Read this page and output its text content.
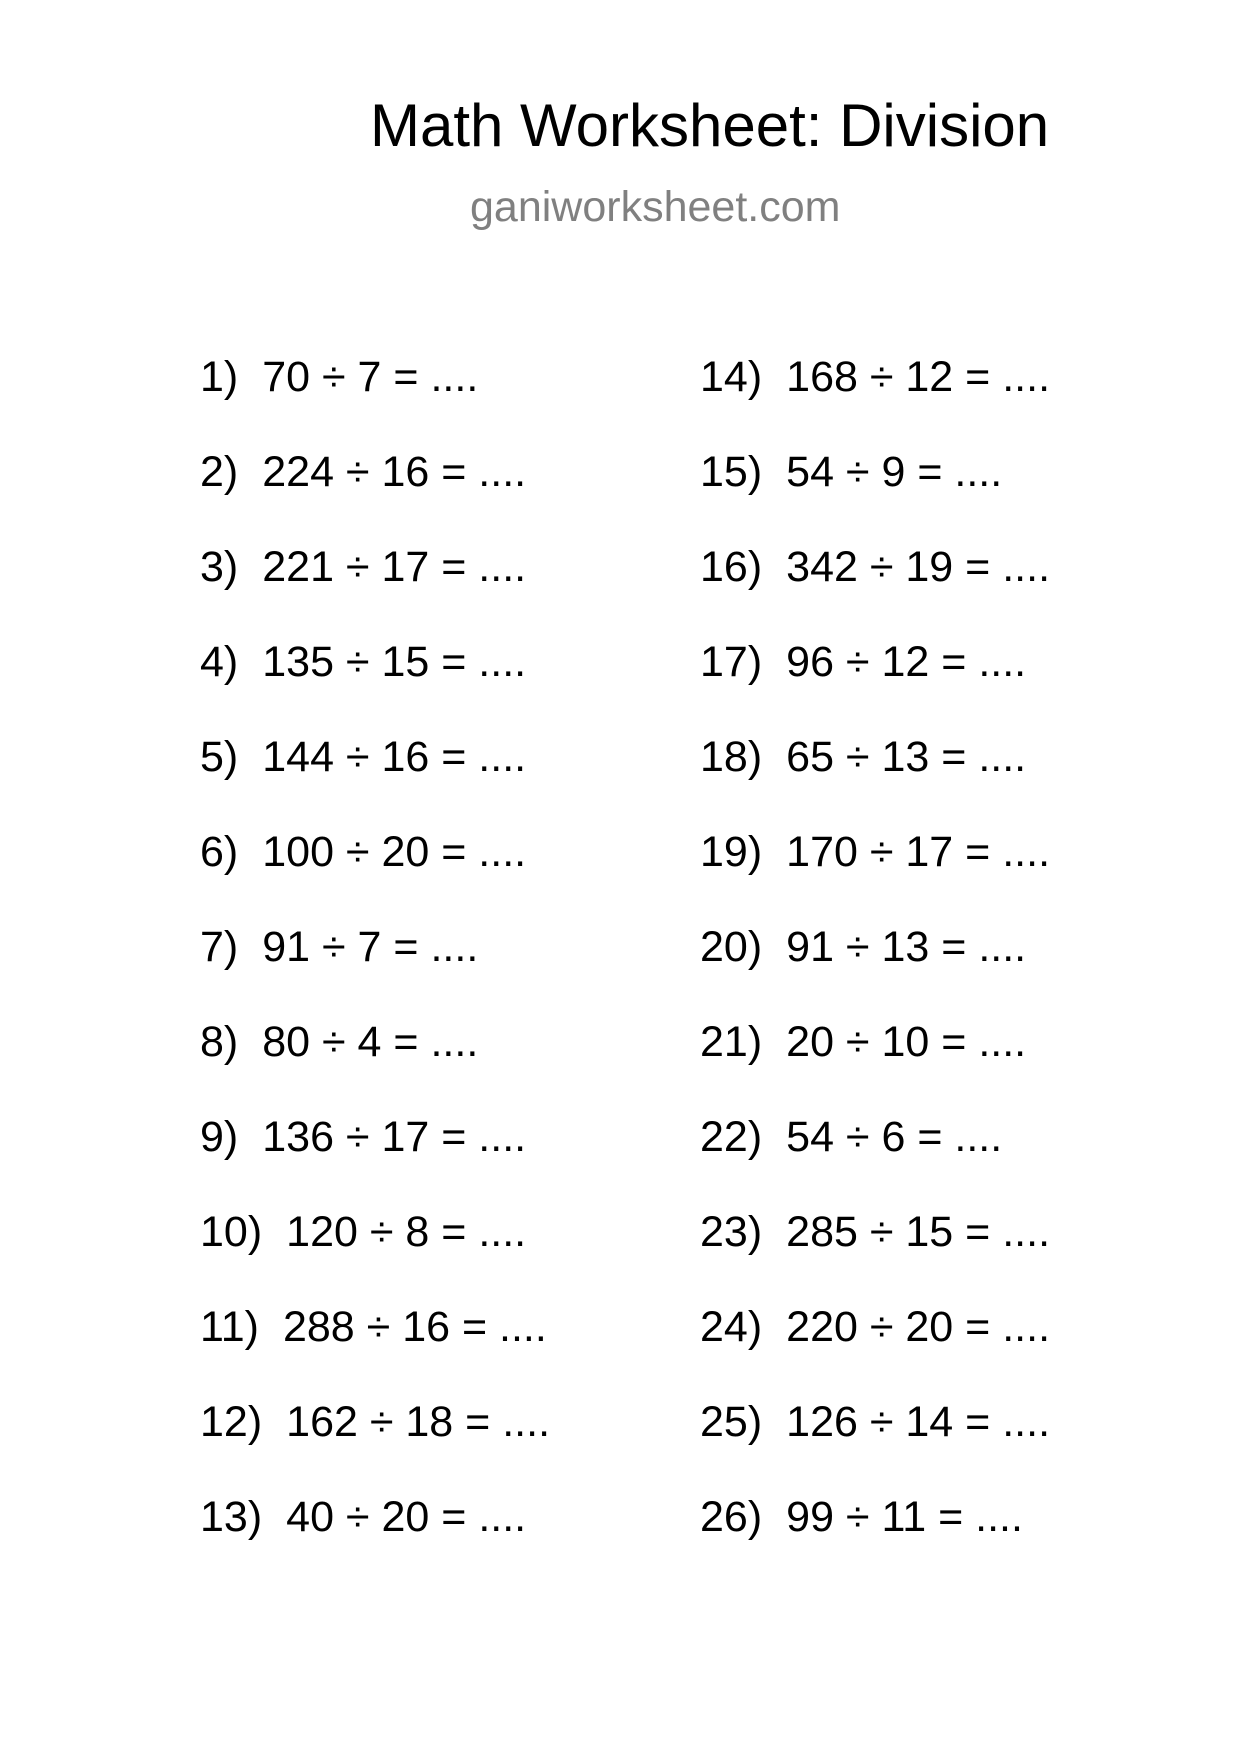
Math Worksheet: Division
ganiworksheet.com
1) 70 ÷ 7 = ....
2) 224 ÷ 16 = ....
3) 221 ÷ 17 = ....
4) 135 ÷ 15 = ....
5) 144 ÷ 16 = ....
6) 100 ÷ 20 = ....
7) 91 ÷ 7 = ....
8) 80 ÷ 4 = ....
9) 136 ÷ 17 = ....
10) 120 ÷ 8 = ....
11) 288 ÷ 16 = ....
12) 162 ÷ 18 = ....
13) 40 ÷ 20 = ....
14) 168 ÷ 12 = ....
15) 54 ÷ 9 = ....
16) 342 ÷ 19 = ....
17) 96 ÷ 12 = ....
18) 65 ÷ 13 = ....
19) 170 ÷ 17 = ....
20) 91 ÷ 13 = ....
21) 20 ÷ 10 = ....
22) 54 ÷ 6 = ....
23) 285 ÷ 15 = ....
24) 220 ÷ 20 = ....
25) 126 ÷ 14 = ....
26) 99 ÷ 11 = ....
